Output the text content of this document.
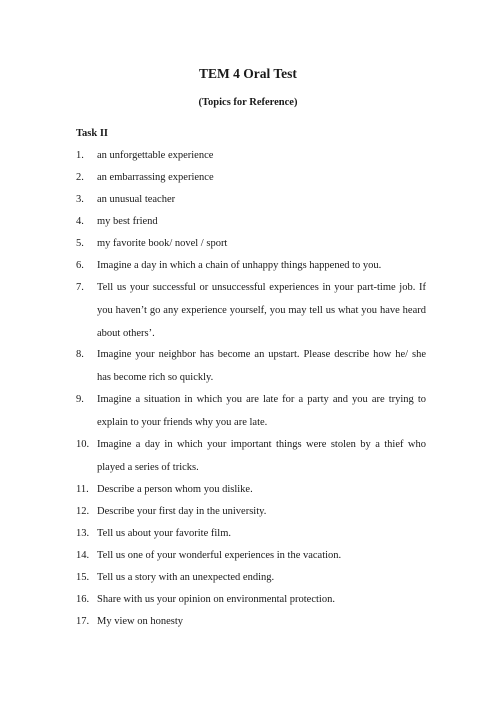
TEM 4 Oral Test
(Topics for Reference)
Task II
1.	an unforgettable experience
2.	an embarrassing experience
3.	an unusual teacher
4.	my best friend
5.	my favorite book/ novel / sport
6.	Imagine a day in which a chain of unhappy things happened to you.
7.	Tell us your successful or unsuccessful experiences in your part-time job. If you haven’t go any experience yourself, you may tell us what you have heard about others’.
8.	Imagine your neighbor has become an upstart. Please describe how he/ she has become rich so quickly.
9.	Imagine a situation in which you are late for a party and you are trying to explain to your friends why you are late.
10. Imagine a day in which your important things were stolen by a thief who played a series of tricks.
11. Describe a person whom you dislike.
12. Describe your first day in the university.
13. Tell us about your favorite film.
14. Tell us one of your wonderful experiences in the vacation.
15. Tell us a story with an unexpected ending.
16. Share with us your opinion on environmental protection.
17. My view on honesty
